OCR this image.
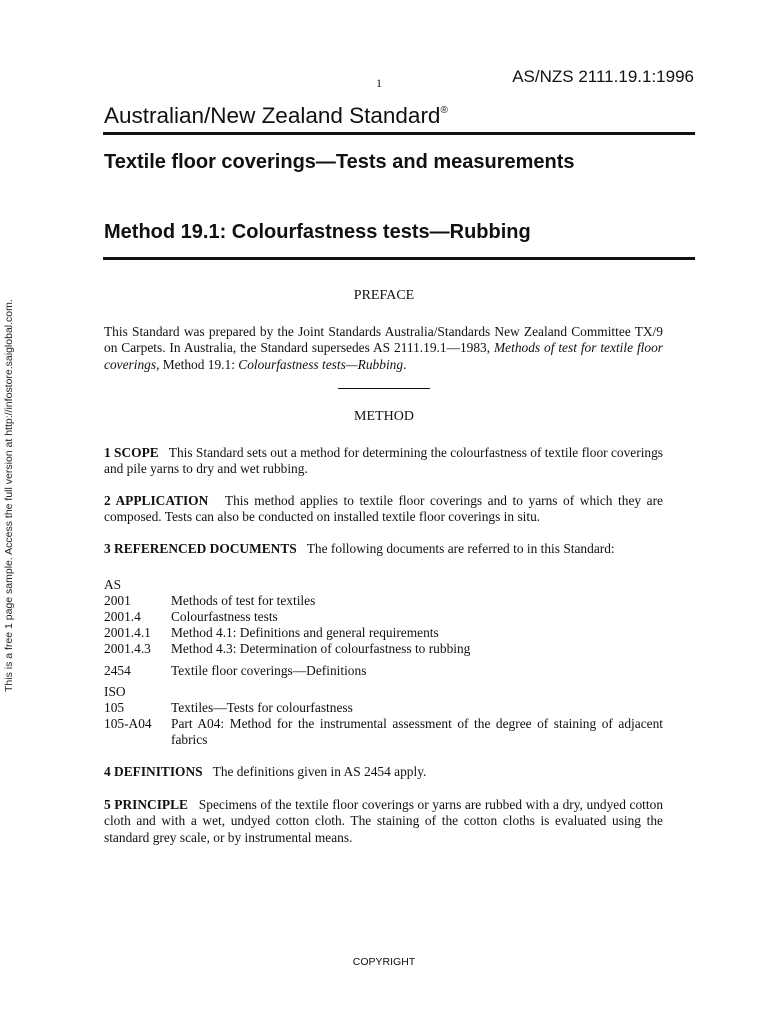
This is a free 1 page sample. Access the full version at http://infostore.saiglobal.com.
1	AS/NZS 2111.19.1:1996
Australian/New Zealand Standard®
Textile floor coverings—Tests and measurements
Method 19.1: Colourfastness tests—Rubbing
PREFACE
This Standard was prepared by the Joint Standards Australia/Standards New Zealand Committee TX/9 on Carpets. In Australia, the Standard supersedes AS 2111.19.1—1983, Methods of test for textile floor coverings, Method 19.1: Colourfastness tests—Rubbing.
METHOD
1 SCOPE This Standard sets out a method for determining the colourfastness of textile floor coverings and pile yarns to dry and wet rubbing.
2 APPLICATION This method applies to textile floor coverings and to yarns of which they are composed. Tests can also be conducted on installed textile floor coverings in situ.
3 REFERENCED DOCUMENTS The following documents are referred to in this Standard:
AS
2001	Methods of test for textiles
2001.4 Colourfastness tests
2001.4.1 Method 4.1: Definitions and general requirements
2001.4.3 Method 4.3: Determination of colourfastness to rubbing
2454	Textile floor coverings—Definitions
ISO
105	Textiles—Tests for colourfastness
105-A04 Part A04: Method for the instrumental assessment of the degree of staining of adjacent fabrics
4 DEFINITIONS The definitions given in AS 2454 apply.
5 PRINCIPLE Specimens of the textile floor coverings or yarns are rubbed with a dry, undyed cotton cloth and with a wet, undyed cotton cloth. The staining of the cotton cloths is evaluated using the standard grey scale, or by instrumental means.
COPYRIGHT
